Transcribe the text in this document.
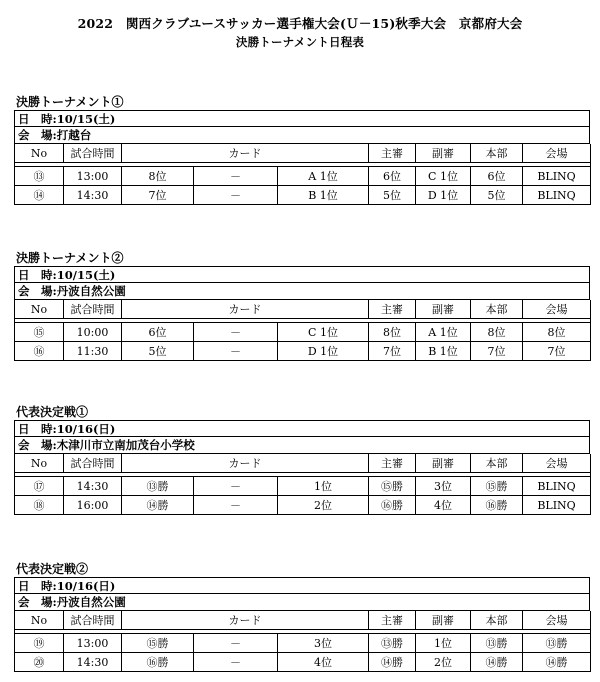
2022　関西クラブユースサッカー選手権大会(Ｕ－15)秋季大会　京都府大会
決勝トーナメント日程表
決勝トーナメント①
日　時:10/15(土)
会　場:打越台
No	試合時間	カード			主審	副審	本部	会場

⑬	13:00	8位	－	A 1位	6位	C 1位	6位	BLINQ
⑭	14:30	7位	－	B 1位	5位	D 1位	5位	BLINQ
決勝トーナメント②
日　時:10/15(土)
会　場:丹波自然公園
No	試合時間	カード			主審	副審	本部	会場

⑮	10:00	6位	－	C 1位	8位	A 1位	8位	8位
⑯	11:30	5位	－	D 1位	7位	B 1位	7位	7位
代表決定戦①
日　時:10/16(日)
会　場:木津川市立南加茂台小学校
No	試合時間	カード			主審	副審	本部	会場

⑰	14:30	⑬勝	－	1位	⑮勝	3位	⑮勝	BLINQ
⑱	16:00	⑭勝	－	2位	⑯勝	4位	⑯勝	BLINQ
代表決定戦②
日　時:10/16(日)
会　場:丹波自然公園
No	試合時間	カード			主審	副審	本部	会場

⑲	13:00	⑮勝	－	3位	⑬勝	1位	⑬勝	⑬勝
⑳	14:30	⑯勝	－	4位	⑭勝	2位	⑭勝	⑭勝
